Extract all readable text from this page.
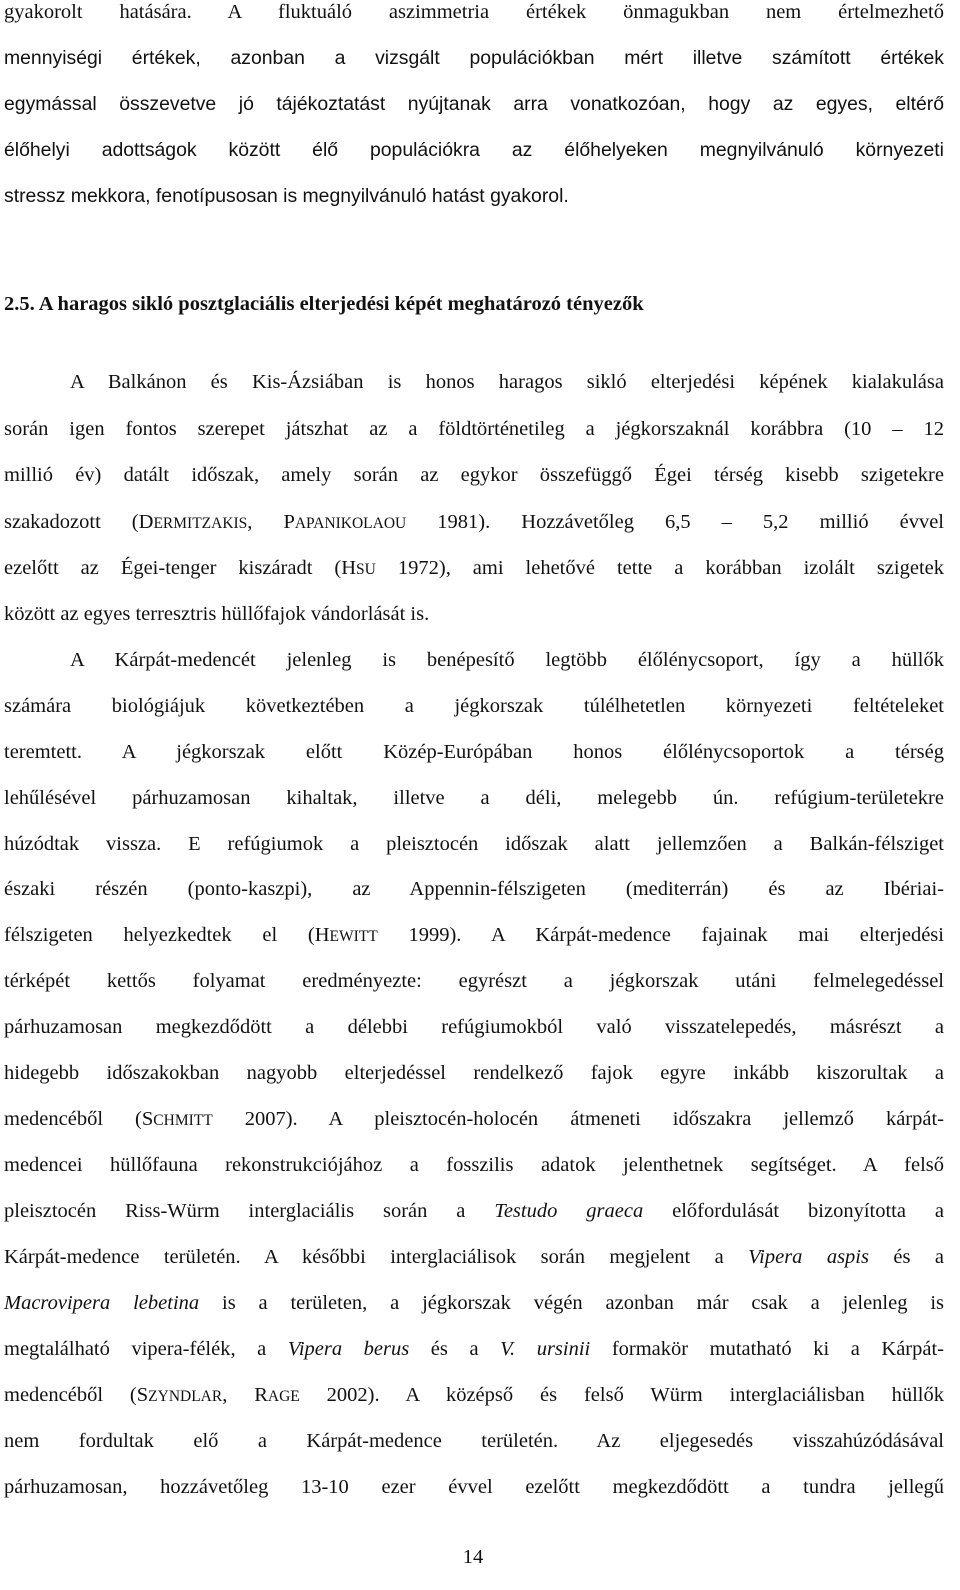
gyakorolt hatására. A fluktuáló aszimmetria értékek önmagukban nem értelmezhető
mennyiségi értékek, azonban a vizsgált populációkban mért illetve számított értékek
egymással összevetve jó tájékoztatást nyújtanak arra vonatkozóan, hogy az egyes, eltérő
élőhelyi adottságok között élő populációkra az élőhelyeken megnyilvánuló környezeti
stressz mekkora, fenotípusosan is megnyilvánuló hatást gyakorol.
2.5. A haragos sikló posztglaciális elterjedési képét meghatározó tényezők
A Balkánon és Kis-Ázsiában is honos haragos sikló elterjedési képének kialakulása
során igen fontos szerepet játszhat az a földtörténetileg a jégkorszaknál korábbra (10 – 12
millió év) datált időszak, amely során az egykor összefüggő Égei térség kisebb szigetekre
szakadozott (DERMITZAKIS, PAPANIKOLAOU 1981). Hozzávetőleg 6,5 – 5,2 millió évvel
ezelőtt az Égei-tenger kiszáradt (HSU 1972), ami lehetővé tette a korábban izolált szigetek
között az egyes terresztris hüllőfajok vándorlását is.
A Kárpát-medencét jelenleg is benépesítő legtöbb élőlénycsoport, így a hüllők
számára biológiájuk következtében a jégkorszak túlélhetetlen környezeti feltételeket
teremtett. A jégkorszak előtt Közép-Európában honos élőlénycsoportok a térség
lehűlésével párhuzamosan kihaltak, illetve a déli, melegebb ún. refúgium-területekre
húzódtak vissza. E refúgiumok a pleisztocén időszak alatt jellemzően a Balkán-félsziget
északi részén (ponto-kaszpi), az Appennin-félszigeten (mediterrán) és az Ibériai-
félszigeten helyezkedtek el (HEWITT 1999). A Kárpát-medence fajainak mai elterjedési
térképét kettős folyamat eredményezte: egyrészt a jégkorszak utáni felmelegedéssel
párhuzamosan megkezdődött a délebbi refúgiumokból való visszatelepedés, másrészt a
hidegebb időszakokban nagyobb elterjedéssel rendelkező fajok egyre inkább kiszorultak a
medencéből (SCHMITT 2007). A pleisztocén-holocén átmeneti időszakra jellemző kárpát-
medencei hüllőfauna rekonstrukciójához a fosszilis adatok jelenthetnek segítséget. A felső
pleisztocén Riss-Würm interglaciális során a Testudo graeca előfordulását bizonyította a
Kárpát-medence területén. A későbbi interglaciálisok során megjelent a Vipera aspis és a
Macrovipera lebetina is a területen, a jégkorszak végén azonban már csak a jelenleg is
megtalálható vipera-félék, a Vipera berus és a V. ursinii formakör mutatható ki a Kárpát-
medencéből (SZYNDLAR, RAGE 2002). A középső és felső Würm interglaciálisban hüllők
nem fordultak elő a Kárpát-medence területén. Az eljegesedés visszahúzódásával
párhuzamosan, hozzávetőleg 13-10 ezer évvel ezelőtt megkezdődött a tundra jellegű
14
